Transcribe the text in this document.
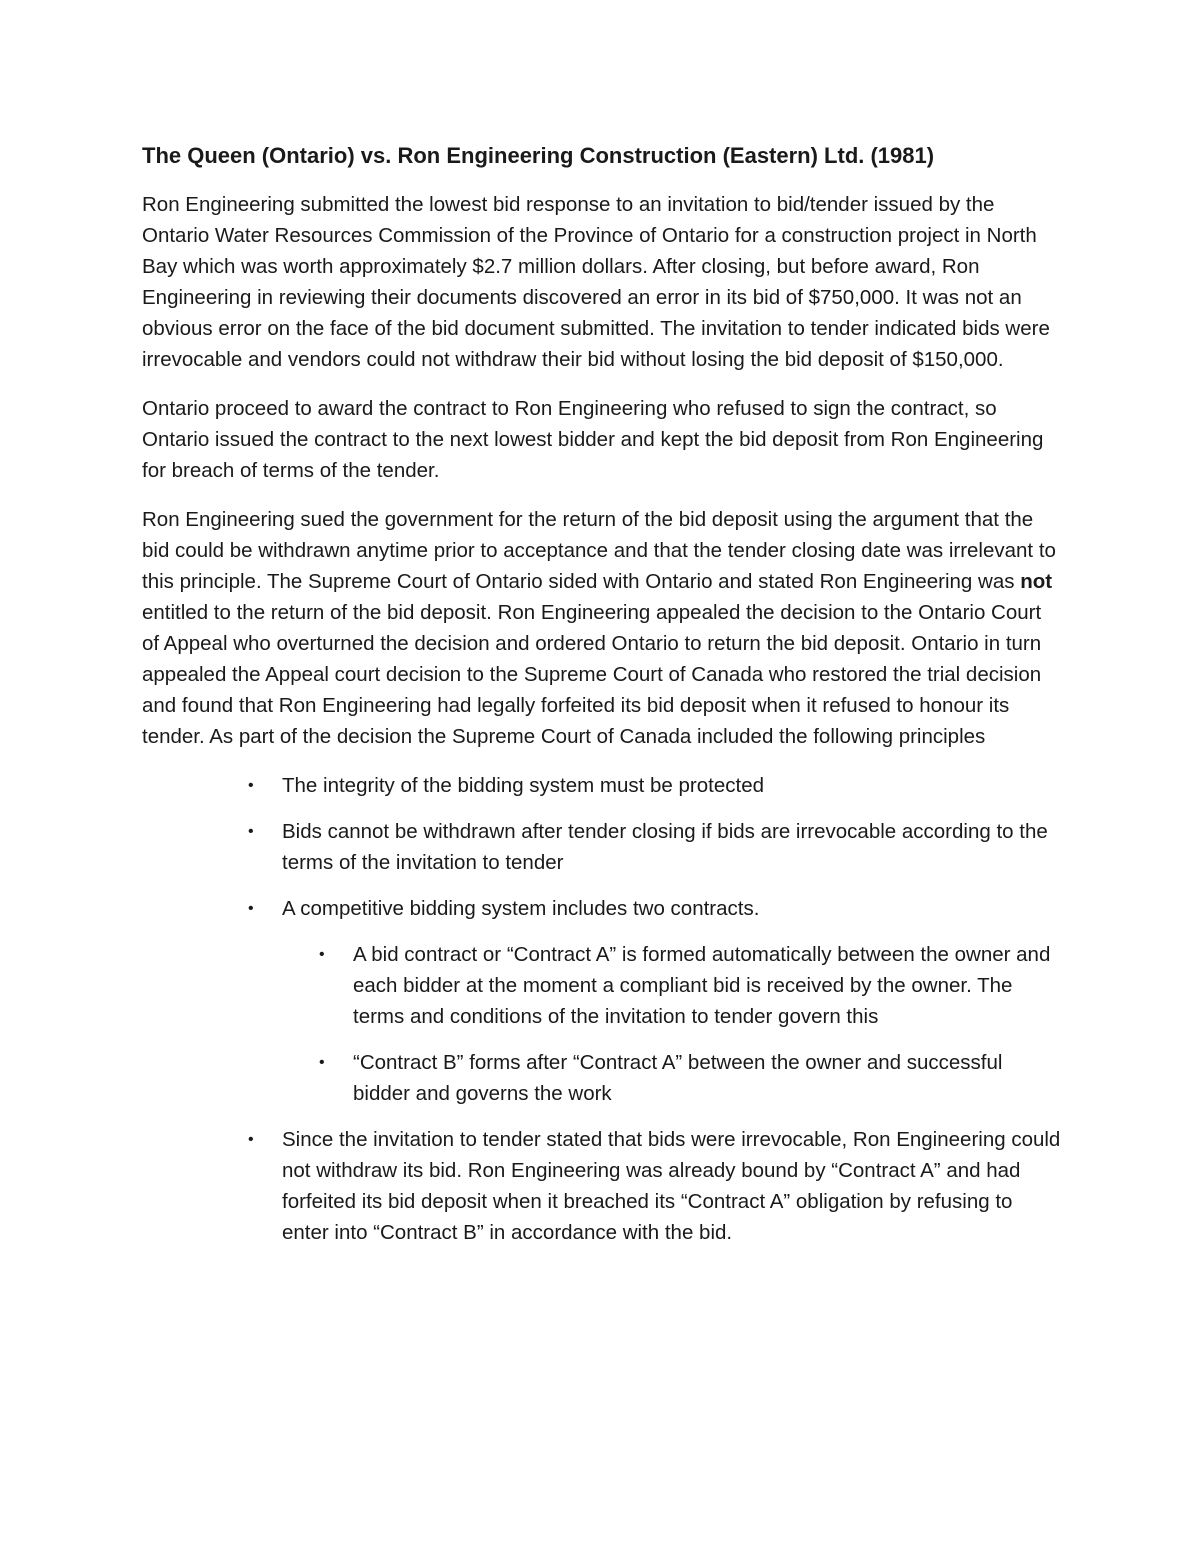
The Queen (Ontario) vs. Ron Engineering Construction (Eastern) Ltd. (1981)

Ron Engineering submitted the lowest bid response to an invitation to bid/tender issued by the Ontario Water Resources Commission of the Province of Ontario for a construction project in North Bay which was worth approximately $2.7 million dollars. After closing, but before award, Ron Engineering in reviewing their documents discovered an error in its bid of $750,000. It was not an obvious error on the face of the bid document submitted. The invitation to tender indicated bids were irrevocable and vendors could not withdraw their bid without losing the bid deposit of $150,000.

Ontario proceed to award the contract to Ron Engineering who refused to sign the contract, so Ontario issued the contract to the next lowest bidder and kept the bid deposit from Ron Engineering for breach of terms of the tender.

Ron Engineering sued the government for the return of the bid deposit using the argument that the bid could be withdrawn anytime prior to acceptance and that the tender closing date was irrelevant to this principle. The Supreme Court of Ontario sided with Ontario and stated Ron Engineering was not entitled to the return of the bid deposit. Ron Engineering appealed the decision to the Ontario Court of Appeal who overturned the decision and ordered Ontario to return the bid deposit. Ontario in turn appealed the Appeal court decision to the Supreme Court of Canada who restored the trial decision and found that Ron Engineering had legally forfeited its bid deposit when it refused to honour its tender. As part of the decision the Supreme Court of Canada included the following principles

• The integrity of the bidding system must be protected
• Bids cannot be withdrawn after tender closing if bids are irrevocable according to the terms of the invitation to tender
• A competitive bidding system includes two contracts.
• A bid contract or “Contract A” is formed automatically between the owner and each bidder at the moment a compliant bid is received by the owner. The terms and conditions of the invitation to tender govern this
• “Contract B” forms after “Contract A” between the owner and successful bidder and governs the work
• Since the invitation to tender stated that bids were irrevocable, Ron Engineering could not withdraw its bid. Ron Engineering was already bound by “Contract A” and had forfeited its bid deposit when it breached its “Contract A” obligation by refusing to enter into “Contract B” in accordance with the bid.
